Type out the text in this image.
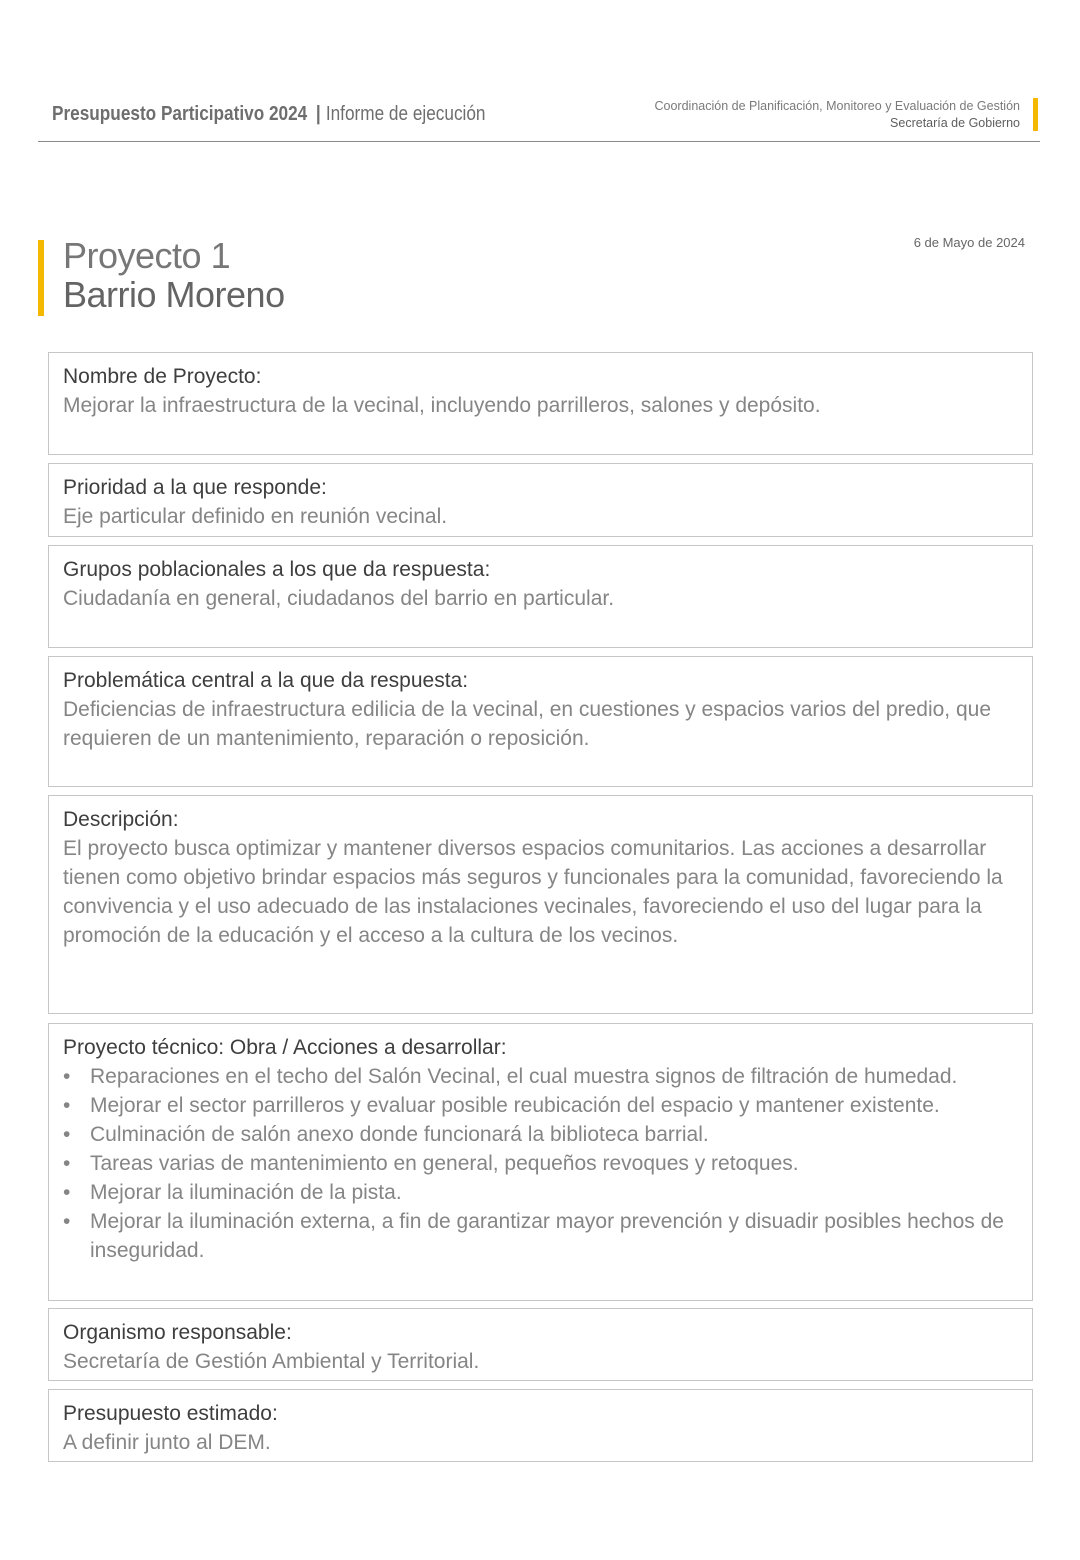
Presupuesto Participativo 2024 | Informe de ejecución	Coordinación de Planificación, Monitoreo y Evaluación de Gestión
Secretaría de Gobierno
Proyecto 1
Barrio Moreno
6 de Mayo de 2024
Nombre de Proyecto:
Mejorar la infraestructura de la vecinal, incluyendo parrilleros, salones y depósito.
Prioridad a la que responde:
Eje particular definido en reunión vecinal.
Grupos poblacionales a los que da respuesta:
Ciudadanía en general, ciudadanos del barrio en particular.
Problemática central a la que da respuesta:
Deficiencias de infraestructura edilicia de la vecinal, en cuestiones y espacios varios del predio, que requieren de un mantenimiento, reparación o reposición.
Descripción:
El proyecto busca optimizar y mantener diversos espacios comunitarios. Las acciones a desarrollar tienen como objetivo brindar espacios más seguros y funcionales para la comunidad, favoreciendo la convivencia y el uso adecuado de las instalaciones vecinales, favoreciendo el uso del lugar para la promoción de la educación y el acceso a la cultura de los vecinos.
Proyecto técnico: Obra / Acciones a desarrollar:
• Reparaciones en el techo del Salón Vecinal, el cual muestra signos de filtración de humedad.
• Mejorar el sector parrilleros y evaluar posible reubicación del espacio y mantener existente.
• Culminación de salón anexo donde funcionará la biblioteca barrial.
• Tareas varias de mantenimiento en general, pequeños revoques y retoques.
• Mejorar la iluminación de la pista.
• Mejorar la iluminación externa, a fin de garantizar mayor prevención y disuadir posibles hechos de inseguridad.
Organismo responsable:
Secretaría de Gestión Ambiental y Territorial.
Presupuesto estimado:
A definir junto al DEM.
